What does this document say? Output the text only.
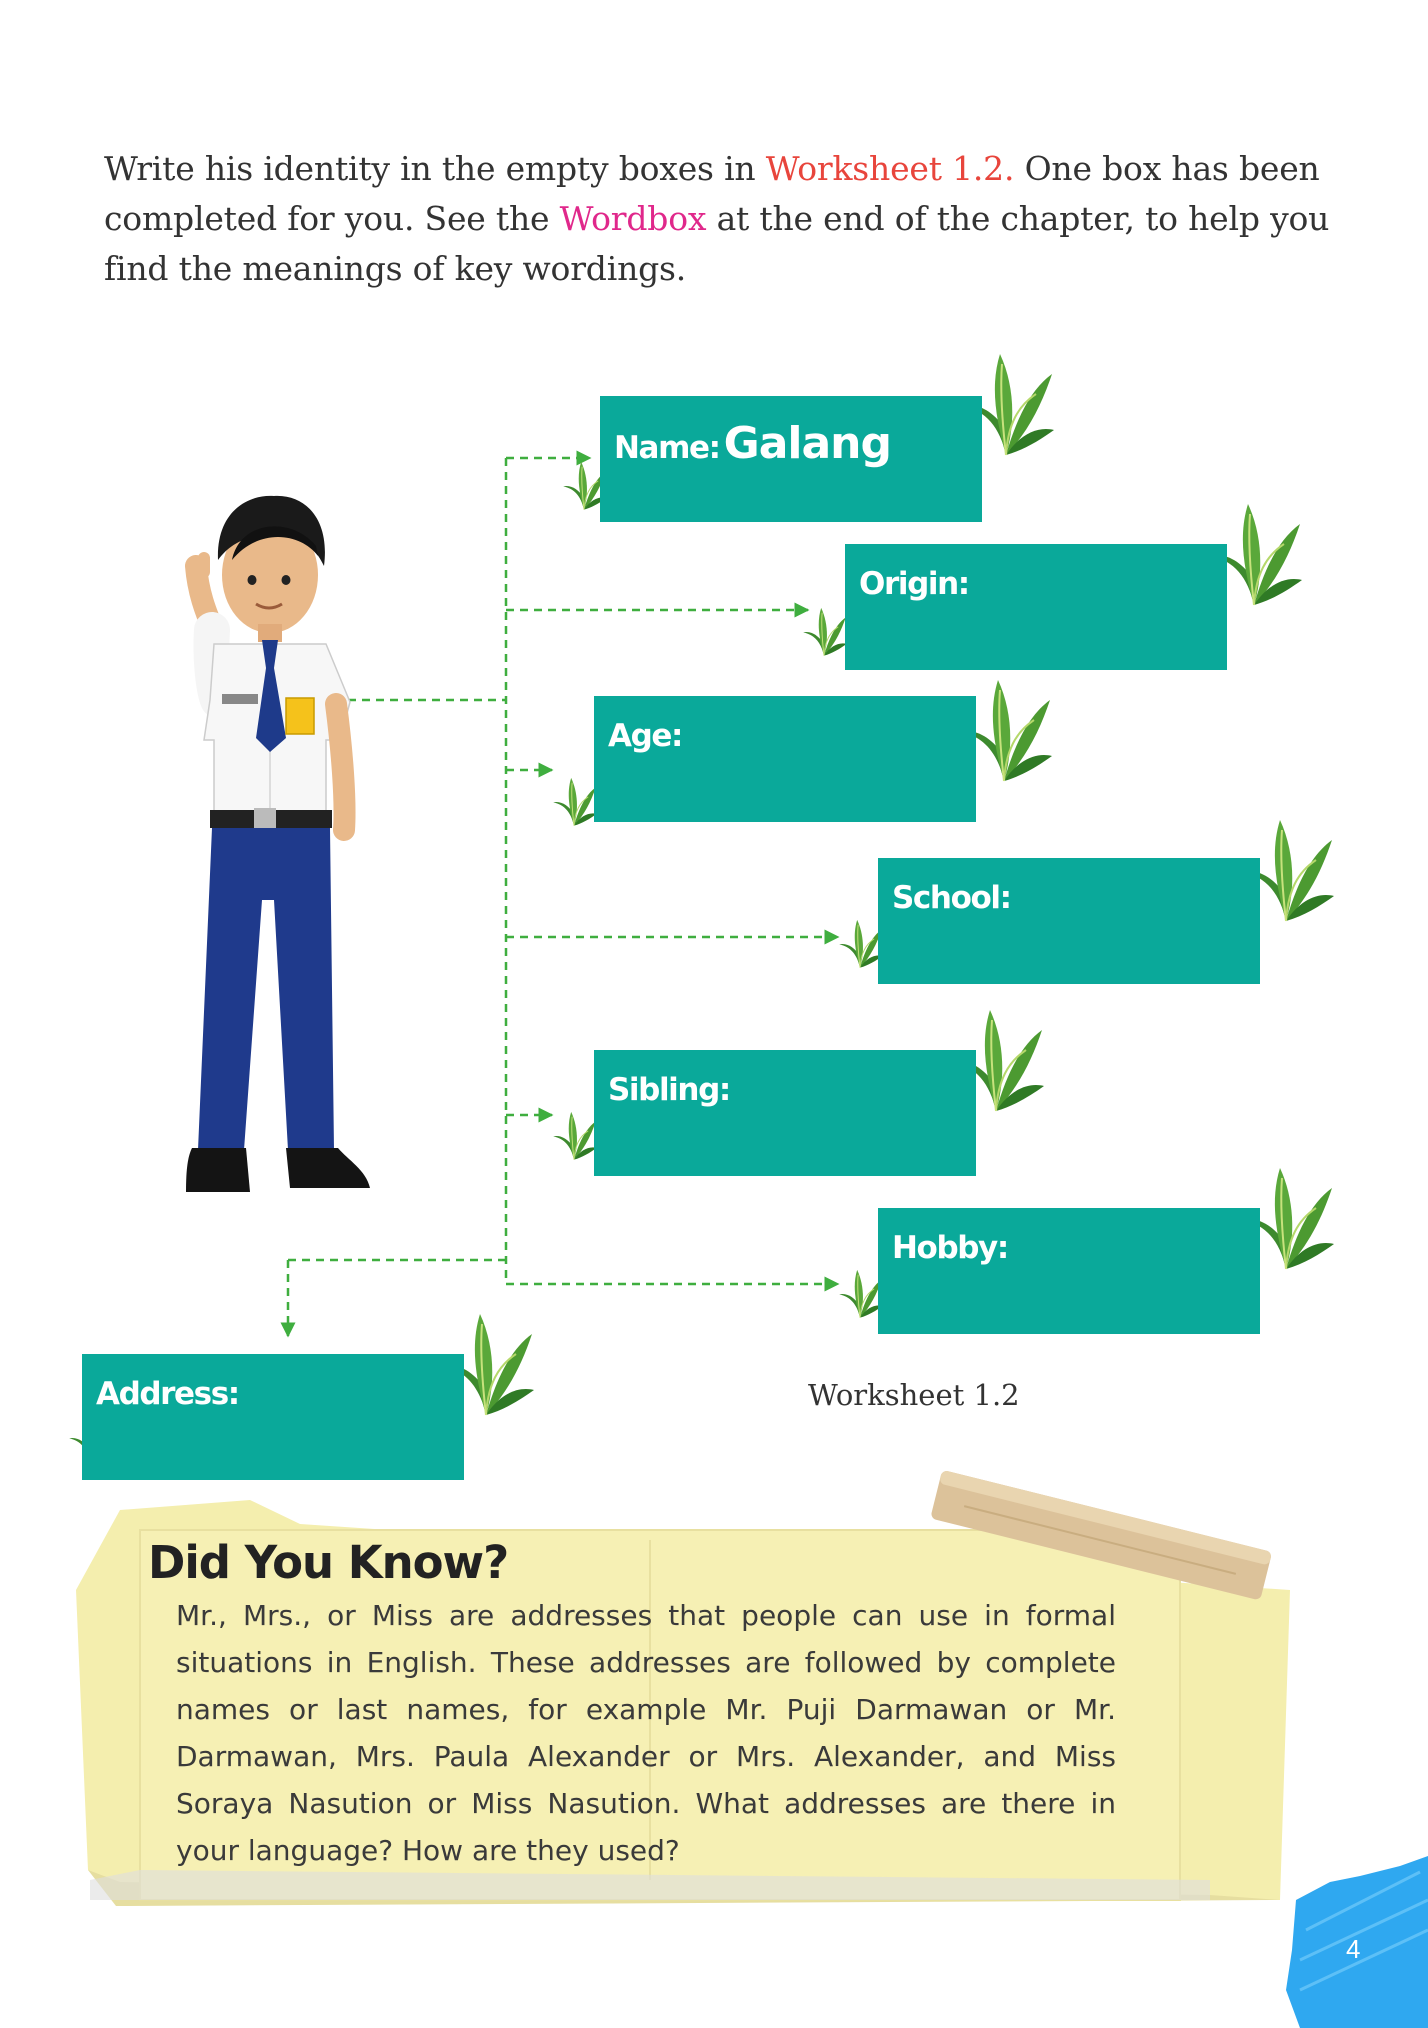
Write his identity in the empty boxes in Worksheet 1.2. One box has been completed for you. See the Wordbox at the end of the chapter, to help you find the meanings of key wordings.
Name:Galang
Origin:
Age:
School:
Sibling:
Hobby:
Address:	Worksheet 1.2
Did You Know?
Mr., Mrs., or Miss are addresses that people can use in formal situations in English. These addresses are followed by complete names or last names, for example Mr. Puji Darmawan or Mr. Darmawan, Mrs. Paula Alexander or Mrs. Alexander, and Miss Soraya Nasution or Miss Nasution. What addresses are there in your language? How are they used?
4
